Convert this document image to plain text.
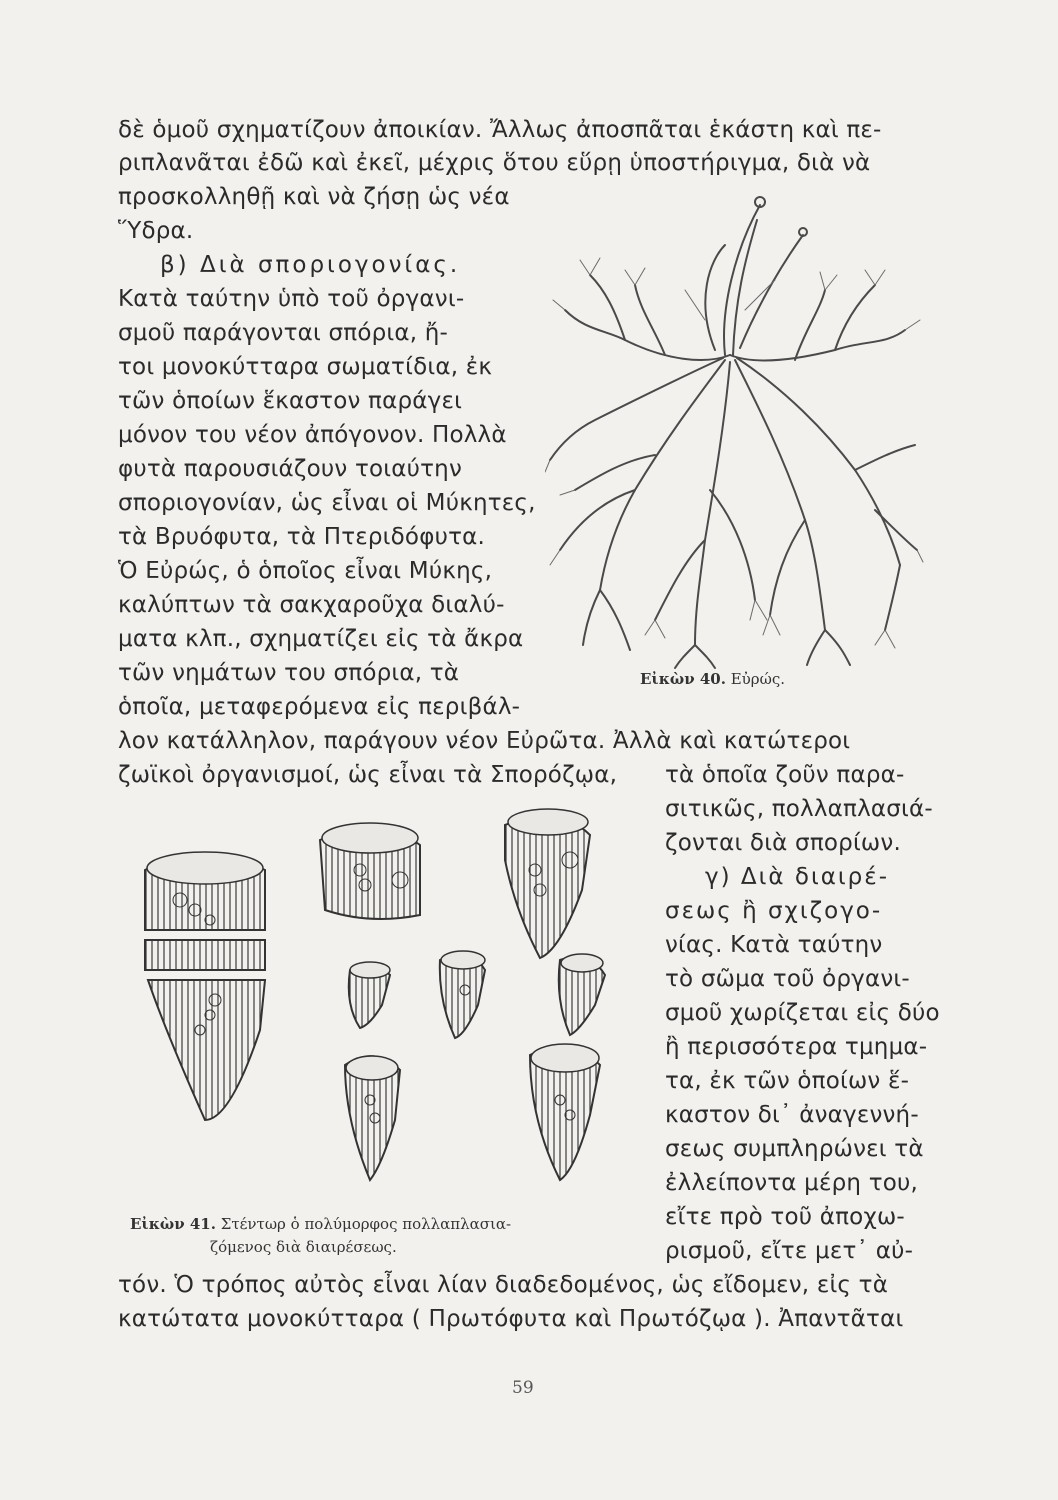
δὲ ὁμοῦ σχηματίζουν ἀποικίαν. Ἄλλως ἀποσπᾶται ἑκάστη καὶ πε-
ριπλανᾶται ἐδῶ καὶ ἐκεῖ, μέχρις ὅτου εὕρῃ ὑποστήριγμα, διὰ νὰ
προσκολληθῇ καὶ νὰ ζήσῃ ὡς νέα
Ὕδρα.
β) Διὰ σποριογονίας.
Κατὰ ταύτην ὑπὸ τοῦ ὀργανι-
σμοῦ παράγονται σπόρια, ἤ-
τοι μονοκύτταρα σωματίδια, ἐκ
τῶν ὁποίων ἕκαστον παράγει
μόνον του νέον ἀπόγονον. Πολλὰ
φυτὰ παρουσιάζουν τοιαύτην
σποριογονίαν, ὡς εἶναι οἱ Μύκητες,
τὰ Βρυόφυτα, τὰ Πτεριδόφυτα.
Ὁ Εὐρώς, ὁ ὁποῖος εἶναι Μύκης,
καλύπτων τὰ σακχαροῦχα διαλύ-
ματα κλπ., σχηματίζει εἰς τὰ ἄκρα
τῶν νημάτων του σπόρια, τὰ
ὁποῖα, μεταφερόμενα εἰς περιβάλ-
λον κατάλληλον, παράγουν νέον Εὐρῶτα. Ἀλλὰ καὶ κατώτεροι
ζωϊκοὶ ὀργανισμοί, ὡς εἶναι τὰ Σπορόζῳα, τὰ ὁποῖα ζοῦν παρα-
σιτικῶς, πολλαπλασιά-
ζονται διὰ σπορίων.
γ) Διὰ διαιρέ-
σεως ἢ σχιζογο-
νίας. Κατὰ ταύτην
τὸ σῶμα τοῦ ὀργανι-
σμοῦ χωρίζεται εἰς δύο
ἢ περισσότερα τμημα-
τα, ἐκ τῶν ὁποίων ἕ-
καστον δι᾿ ἀναγεννή-
σεως συμπληρώνει τὰ
ἐλλείποντα μέρη του,
εἴτε πρὸ τοῦ ἀποχω-
ρισμοῦ, εἴτε μετ᾿ αὐ-
τόν. Ὁ τρόπος αὐτὸς εἶναι λίαν διαδεδομένος, ὡς εἴδομεν, εἰς τὰ
κατώτατα μονοκύτταρα ( Πρωτόφυτα καὶ Πρωτόζῳα ). Ἀπαντᾶται
Εἰκὼν 40. Εὐρώς.
Εἰκὼν 41. Στέντωρ ὁ πολύμορφος πολλαπλασια-
ζόμενος διὰ διαιρέσεως.
59
